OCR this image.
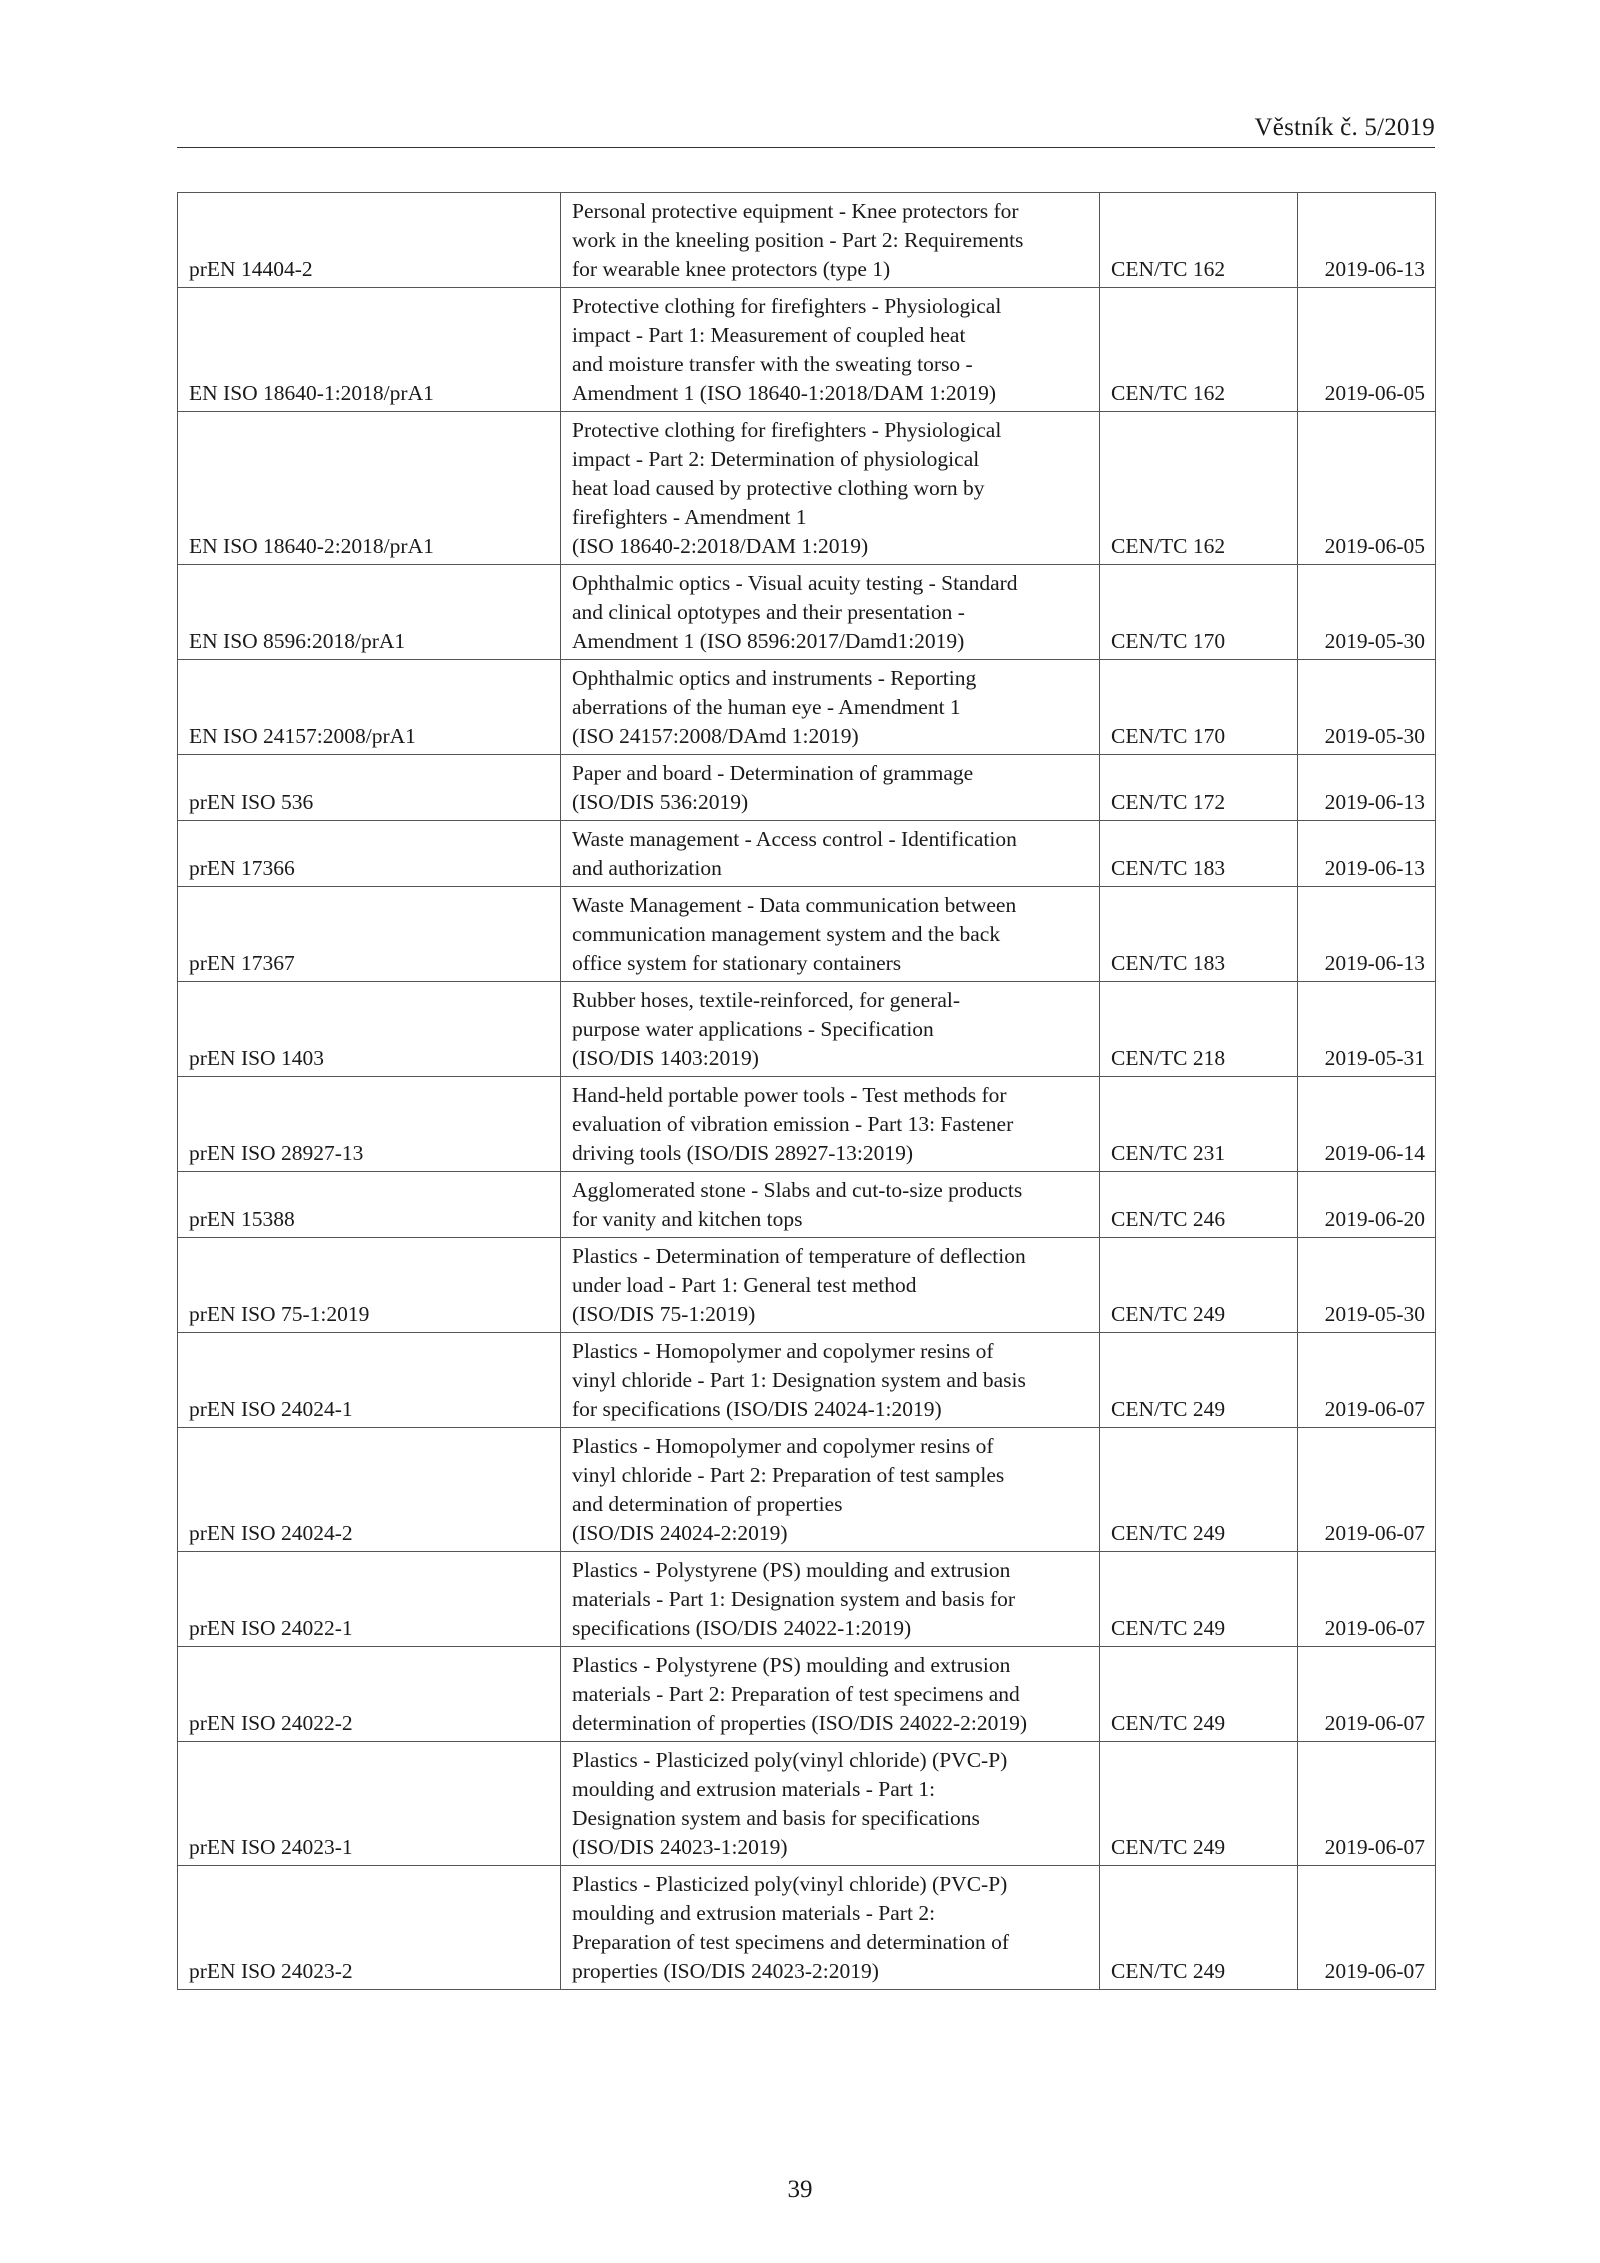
Věstník č. 5/2019
prEN 14404-2	Personal protective equipment - Knee protectors for
work in the kneeling position - Part 2: Requirements
for wearable knee protectors (type 1)	CEN/TC 162	2019-06-13
EN ISO 18640-1:2018/prA1	Protective clothing for firefighters - Physiological
impact - Part 1: Measurement of coupled heat
and moisture transfer with the sweating torso -
Amendment 1 (ISO 18640-1:2018/DAM 1:2019)	CEN/TC 162	2019-06-05
EN ISO 18640-2:2018/prA1	Protective clothing for firefighters - Physiological
impact - Part 2: Determination of physiological
heat load caused by protective clothing worn by
firefighters - Amendment 1
(ISO 18640-2:2018/DAM 1:2019)	CEN/TC 162	2019-06-05
EN ISO 8596:2018/prA1	Ophthalmic optics - Visual acuity testing - Standard
and clinical optotypes and their presentation -
Amendment 1 (ISO 8596:2017/Damd1:2019)	CEN/TC 170	2019-05-30
EN ISO 24157:2008/prA1	Ophthalmic optics and instruments - Reporting
aberrations of the human eye - Amendment 1
(ISO 24157:2008/DAmd 1:2019)	CEN/TC 170	2019-05-30
prEN ISO 536	Paper and board - Determination of grammage
(ISO/DIS 536:2019)	CEN/TC 172	2019-06-13
prEN 17366	Waste management - Access control - Identification
and authorization	CEN/TC 183	2019-06-13
prEN 17367	Waste Management - Data communication between
communication management system and the back
office system for stationary containers	CEN/TC 183	2019-06-13
prEN ISO 1403	Rubber hoses, textile-reinforced, for general-
purpose water applications - Specification
(ISO/DIS 1403:2019)	CEN/TC 218	2019-05-31
prEN ISO 28927-13	Hand-held portable power tools - Test methods for
evaluation of vibration emission - Part 13: Fastener
driving tools (ISO/DIS 28927-13:2019)	CEN/TC 231	2019-06-14
prEN 15388	Agglomerated stone - Slabs and cut-to-size products
for vanity and kitchen tops	CEN/TC 246	2019-06-20
prEN ISO 75-1:2019	Plastics - Determination of temperature of deflection
under load - Part 1: General test method
(ISO/DIS 75-1:2019)	CEN/TC 249	2019-05-30
prEN ISO 24024-1	Plastics - Homopolymer and copolymer resins of
vinyl chloride - Part 1: Designation system and basis
for specifications (ISO/DIS 24024-1:2019)	CEN/TC 249	2019-06-07
prEN ISO 24024-2	Plastics - Homopolymer and copolymer resins of
vinyl chloride - Part 2: Preparation of test samples
and determination of properties
(ISO/DIS 24024-2:2019)	CEN/TC 249	2019-06-07
prEN ISO 24022-1	Plastics - Polystyrene (PS) moulding and extrusion
materials - Part 1: Designation system and basis for
specifications (ISO/DIS 24022-1:2019)	CEN/TC 249	2019-06-07
prEN ISO 24022-2	Plastics - Polystyrene (PS) moulding and extrusion
materials - Part 2: Preparation of test specimens and
determination of properties (ISO/DIS 24022-2:2019)	CEN/TC 249	2019-06-07
prEN ISO 24023-1	Plastics - Plasticized poly(vinyl chloride) (PVC-P)
moulding and extrusion materials - Part 1:
Designation system and basis for specifications
(ISO/DIS 24023-1:2019)	CEN/TC 249	2019-06-07
prEN ISO 24023-2	Plastics - Plasticized poly(vinyl chloride) (PVC-P)
moulding and extrusion materials - Part 2:
Preparation of test specimens and determination of
properties (ISO/DIS 24023-2:2019)	CEN/TC 249	2019-06-07
39
